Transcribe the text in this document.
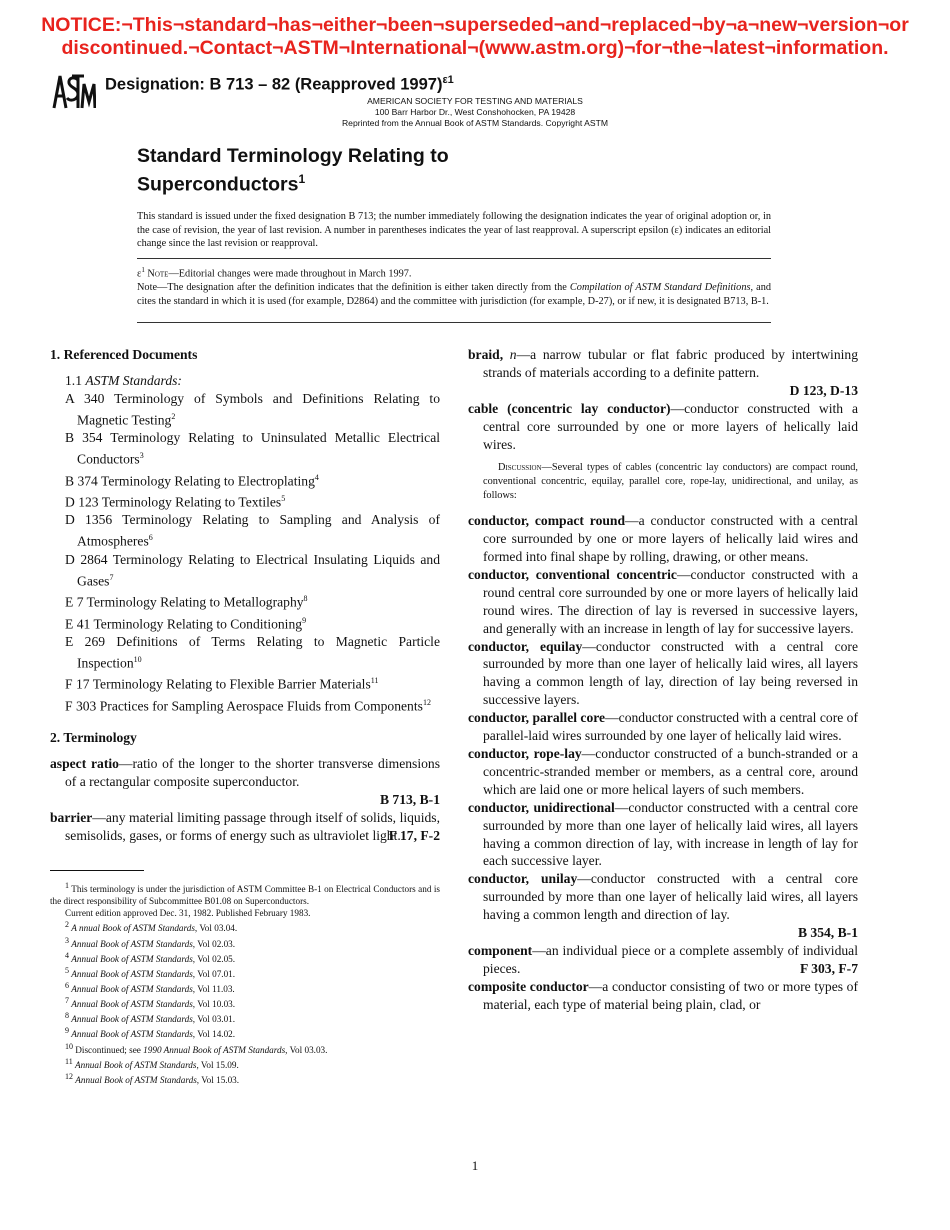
NOTICE:¬This¬standard¬has¬either¬been¬superseded¬and¬replaced¬by¬a¬new¬version¬or
discontinued.¬Contact¬ASTM¬International¬(www.astm.org)¬for¬the¬latest¬information.
Designation: B 713 – 82 (Reapproved 1997)$^{\varepsilon 1}$
AMERICAN SOCIETY FOR TESTING AND MATERIALS
100 Barr Harbor Dr., West Conshohocken, PA 19428
Reprinted from the Annual Book of ASTM Standards. Copyright ASTM
Standard Terminology Relating to
Superconductors$^1$
This standard is issued under the fixed designation B 713; the number immediately following the designation indicates the year of original adoption or, in the case of revision, the year of last revision. A number in parentheses indicates the year of last reapproval. A superscript epsilon (ε) indicates an editorial change since the last revision or reapproval.
$\varepsilon^1$ Note—Editorial changes were made throughout in March 1997.
Note—The designation after the definition indicates that the definition is either taken directly from the Compilation of ASTM Standard Definitions, and cites the standard in which it is used (for example, D2864) and the committee with jurisdiction (for example, D-27), or if new, it is designated B713, B-1.
1. Referenced Documents
1.1 ASTM Standards:
A 340 Terminology of Symbols and Definitions Relating to Magnetic Testing$^2$
B 354 Terminology Relating to Uninsulated Metallic Electrical Conductors$^3$
B 374 Terminology Relating to Electroplating$^4$
D 123 Terminology Relating to Textiles$^5$
D 1356 Terminology Relating to Sampling and Analysis of Atmospheres$^6$
D 2864 Terminology Relating to Electrical Insulating Liquids and Gases$^7$
E 7 Terminology Relating to Metallography$^8$
E 41 Terminology Relating to Conditioning$^9$
E 269 Definitions of Terms Relating to Magnetic Particle Inspection$^{10}$
F 17 Terminology Relating to Flexible Barrier Materials$^{11}$
F 303 Practices for Sampling Aerospace Fluids from Components$^{12}$
2. Terminology
aspect ratio—ratio of the longer to the shorter transverse dimensions of a rectangular composite superconductor.
B 713, B-1
barrier—any material limiting passage through itself of solids, liquids, semisolids, gases, or forms of energy such as ultraviolet light.
F 17, F-2
$^1$ This terminology is under the jurisdiction of ASTM Committee B-1 on Electrical Conductors and is the direct responsibility of Subcommittee B01.08 on Superconductors.
Current edition approved Dec. 31, 1982. Published February 1983.
$^2$ A nnual Book of ASTM Standards, Vol 03.04.
$^3$ Annual Book of ASTM Standards, Vol 02.03.
$^4$ Annual Book of ASTM Standards, Vol 02.05.
$^5$ Annual Book of ASTM Standards, Vol 07.01.
$^6$ Annual Book of ASTM Standards, Vol 11.03.
$^7$ Annual Book of ASTM Standards, Vol 10.03.
$^8$ Annual Book of ASTM Standards, Vol 03.01.
$^9$ Annual Book of ASTM Standards, Vol 14.02.
$^{10}$ Discontinued; see 1990 Annual Book of ASTM Standards, Vol 03.03.
$^{11}$ Annual Book of ASTM Standards, Vol 15.09.
$^{12}$ Annual Book of ASTM Standards, Vol 15.03.
braid, n—a narrow tubular or flat fabric produced by intertwining strands of materials according to a definite pattern.
D 123, D-13
cable (concentric lay conductor)—conductor constructed with a central core surrounded by one or more layers of helically laid wires.
Discussion—Several types of cables (concentric lay conductors) are compact round, conventional concentric, equilay, parallel core, rope-lay, unidirectional, and unilay, as follows:
conductor, compact round—a conductor constructed with a central core surrounded by one or more layers of helically laid wires and formed into final shape by rolling, drawing, or other means.
conductor, conventional concentric—conductor constructed with a round central core surrounded by one or more layers of helically laid round wires. The direction of lay is reversed in successive layers, and generally with an increase in length of lay for successive layers.
conductor, equilay—conductor constructed with a central core surrounded by more than one layer of helically laid wires, all layers having a common length of lay, direction of lay being reversed in successive layers.
conductor, parallel core—conductor constructed with a central core of parallel-laid wires surrounded by one layer of helically laid wires.
conductor, rope-lay—conductor constructed of a bunch-stranded or a concentric-stranded member or members, as a central core, around which are laid one or more helical layers of such members.
conductor, unidirectional—conductor constructed with a central core surrounded by more than one layer of helically laid wires, all layers having a common direction of lay, with increase in length of lay for each successive layer.
conductor, unilay—conductor constructed with a central core surrounded by more than one layer of helically laid wires, all layers having a common length and direction of lay.
B 354, B-1
component—an individual piece or a complete assembly of individual pieces.	F 303, F-7
composite conductor—a conductor consisting of two or more types of material, each type of material being plain, clad, or
1
